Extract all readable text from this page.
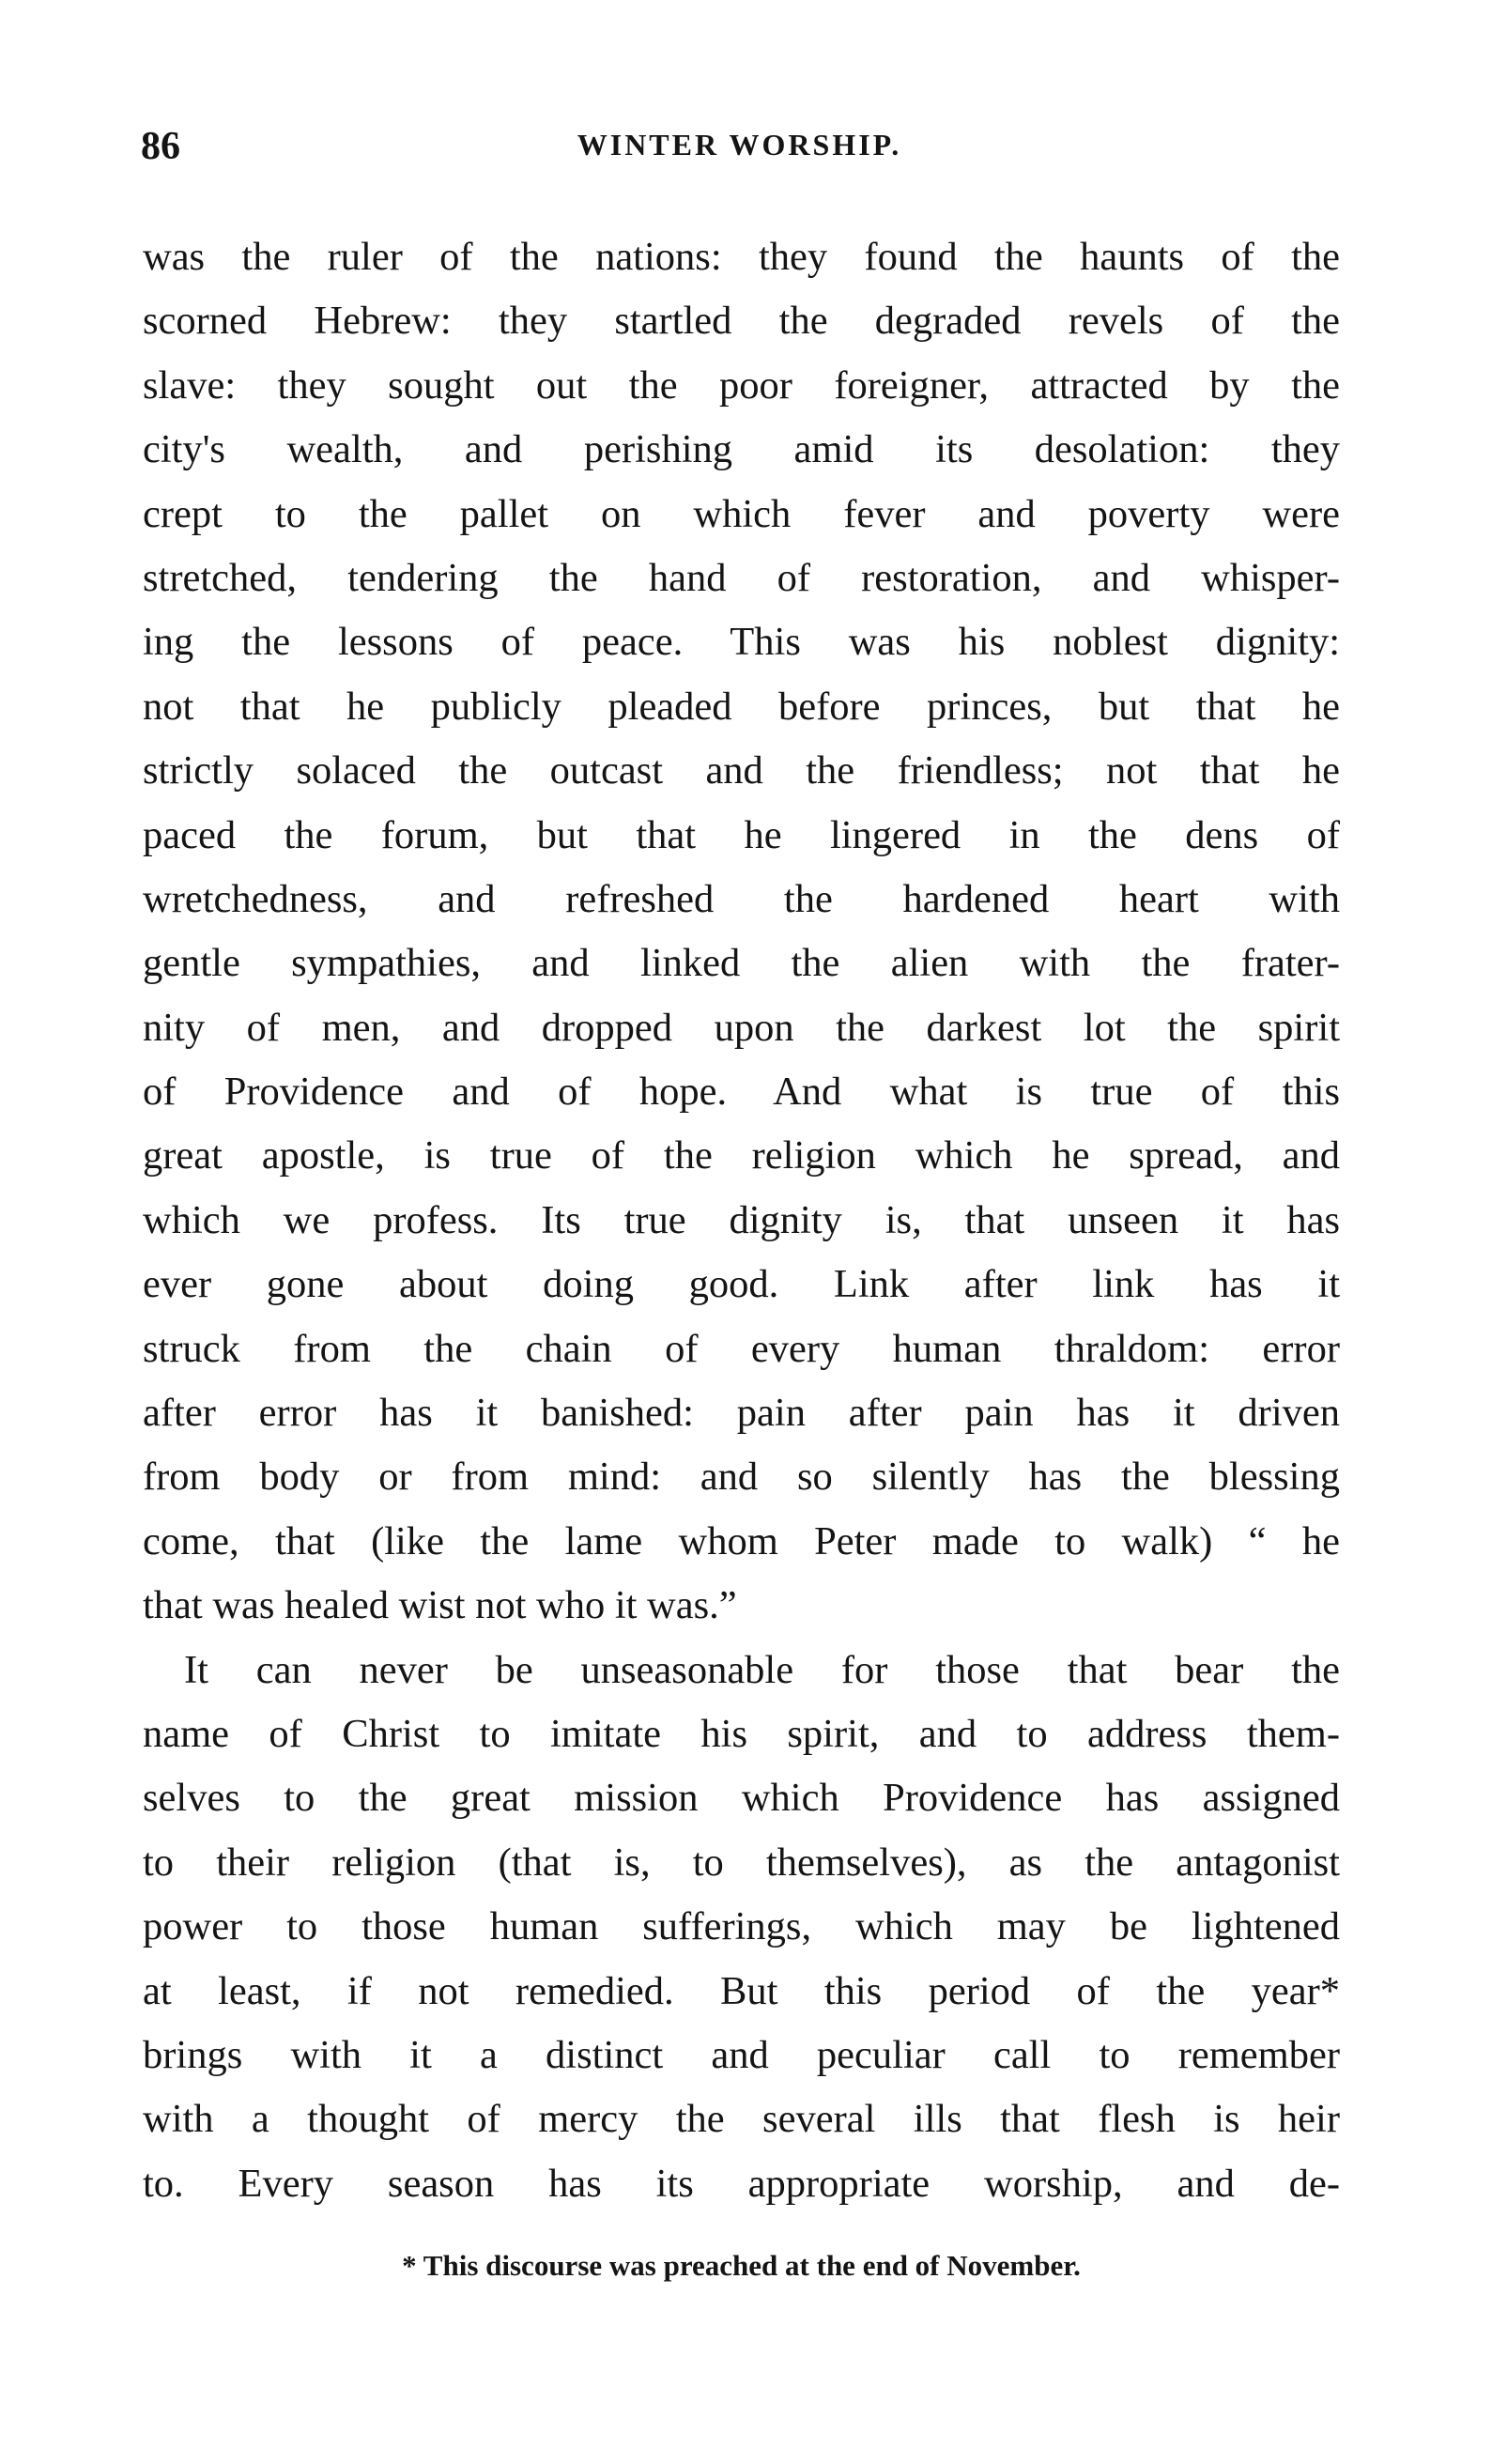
86	WINTER WORSHIP.
was the ruler of the nations: they found the haunts of the
scorned Hebrew: they startled the degraded revels of the
slave: they sought out the poor foreigner, attracted by the
city's wealth, and perishing amid its desolation: they
crept to the pallet on which fever and poverty were
stretched, tendering the hand of restoration, and whisper-
ing the lessons of peace. This was his noblest dignity:
not that he publicly pleaded before princes, but that he
strictly solaced the outcast and the friendless; not that he
paced the forum, but that he lingered in the dens of
wretchedness, and refreshed the hardened heart with
gentle sympathies, and linked the alien with the frater-
nity of men, and dropped upon the darkest lot the spirit
of Providence and of hope. And what is true of this
great apostle, is true of the religion which he spread, and
which we profess. Its true dignity is, that unseen it has
ever gone about doing good. Link after link has it
struck from the chain of every human thraldom: error
after error has it banished: pain after pain has it driven
from body or from mind: and so silently has the blessing
come, that (like the lame whom Peter made to walk) “ he
that was healed wist not who it was.”
It can never be unseasonable for those that bear the
name of Christ to imitate his spirit, and to address them-
selves to the great mission which Providence has assigned
to their religion (that is, to themselves), as the antagonist
power to those human sufferings, which may be lightened
at least, if not remedied. But this period of the year*
brings with it a distinct and peculiar call to remember
with a thought of mercy the several ills that flesh is heir
to. Every season has its appropriate worship, and de-
* This discourse was preached at the end of November.
